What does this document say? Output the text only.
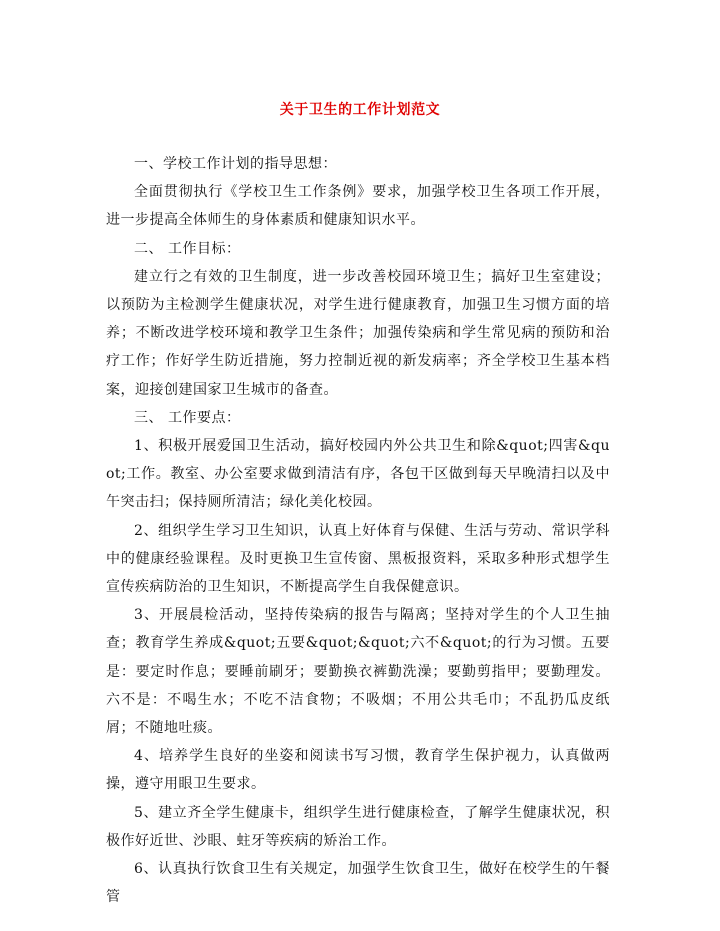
关于卫生的工作计划范文

一、学校工作计划的指导思想：

全面贯彻执行《学校卫生工作条例》要求，加强学校卫生各项工作开展，进一步提高全体师生的身体素质和健康知识水平。

二、 工作目标：

建立行之有效的卫生制度，进一步改善校园环境卫生；搞好卫生室建设；以预防为主检测学生健康状况，对学生进行健康教育，加强卫生习惯方面的培养；不断改进学校环境和教学卫生条件；加强传染病和学生常见病的预防和治疗工作；作好学生防近措施，努力控制近视的新发病率；齐全学校卫生基本档案，迎接创建国家卫生城市的备查。

三、 工作要点：

1、积极开展爱国卫生活动，搞好校园内外公共卫生和除&quot;四害&quot;工作。教室、办公室要求做到清洁有序，各包干区做到每天早晚清扫以及中午突击扫；保持厕所清洁；绿化美化校园。

2、组织学生学习卫生知识，认真上好体育与保健、生活与劳动、常识学科中的健康经验课程。及时更换卫生宣传窗、黑板报资料，采取多种形式想学生宣传疾病防治的卫生知识，不断提高学生自我保健意识。

3、开展晨检活动，坚持传染病的报告与隔离；坚持对学生的个人卫生抽查；教育学生养成&quot;五要&quot;&quot;六不&quot;的行为习惯。五要是：要定时作息；要睡前刷牙；要勤换衣裤勤洗澡；要勤剪指甲；要勤理发。六不是：不喝生水；不吃不洁食物；不吸烟；不用公共毛巾；不乱扔瓜皮纸屑；不随地吐痰。

4、培养学生良好的坐姿和阅读书写习惯，教育学生保护视力，认真做两操，遵守用眼卫生要求。

5、建立齐全学生健康卡，组织学生进行健康检查，了解学生健康状况，积极作好近世、沙眼、蛀牙等疾病的矫治工作。

6、认真执行饮食卫生有关规定，加强学生饮食卫生，做好在校学生的午餐管
